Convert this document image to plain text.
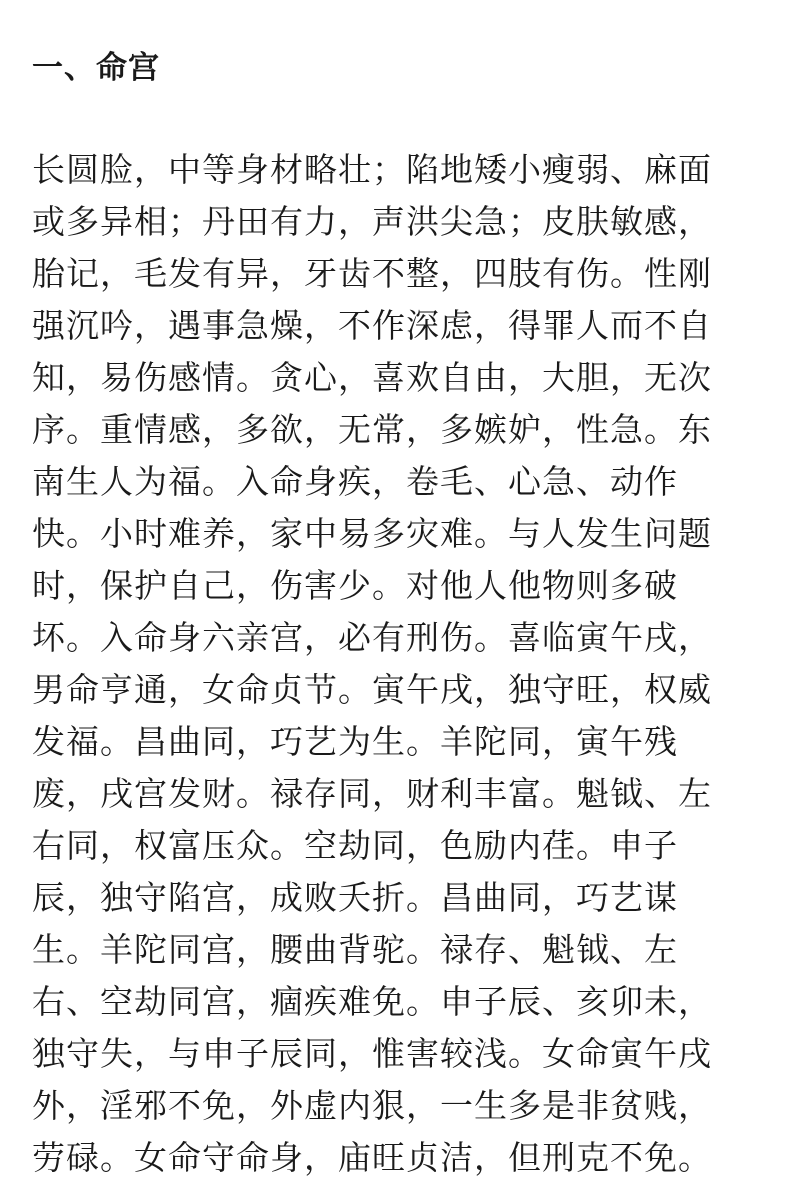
一、命宫
长圆脸，中等身材略壮；陷地矮小瘦弱、麻面
或多异相；丹田有力，声洪尖急；皮肤敏感，
胎记，毛发有异，牙齿不整，四肢有伤。性刚
强沉吟，遇事急燥，不作深虑，得罪人而不自
知，易伤感情。贪心，喜欢自由，大胆，无次
序。重情感，多欲，无常，多嫉妒，性急。东
南生人为福。入命身疾，卷毛、心急、动作
快。小时难养，家中易多灾难。与人发生问题
时，保护自己，伤害少。对他人他物则多破
坏。入命身六亲宫，必有刑伤。喜临寅午戌，
男命亨通，女命贞节。寅午戌，独守旺，权威
发福。昌曲同，巧艺为生。羊陀同，寅午残
废，戌宫发财。禄存同，财利丰富。魁钺、左
右同，权富压众。空劫同，色励内荏。申子
辰，独守陷宫，成败夭折。昌曲同，巧艺谋
生。羊陀同宫，腰曲背驼。禄存、魁钺、左
右、空劫同宫，痼疾难免。申子辰、亥卯未，
独守失，与申子辰同，惟害较浅。女命寅午戌
外，淫邪不免，外虚内狠，一生多是非贫贱，
劳碌。女命守命身，庙旺贞洁，但刑克不免。
